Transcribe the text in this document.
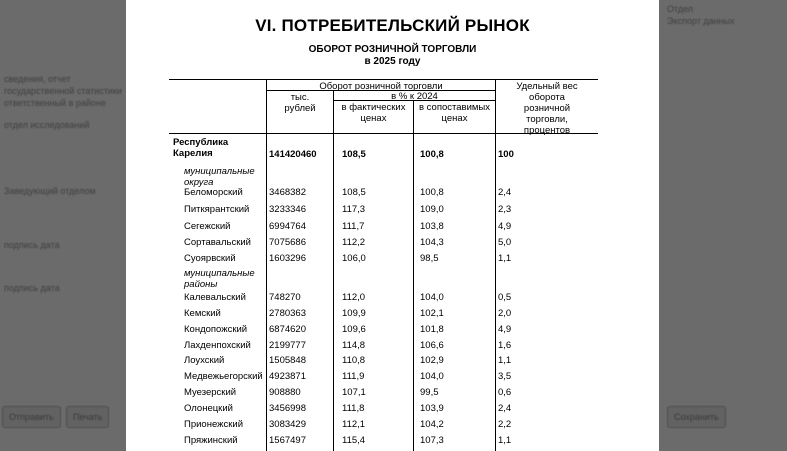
сведения, отчет
государственной статистики
ответственный в районе
отдел исследований
Заведующий отделом
подпись дата
подпись дата
Отправить	Печать
Отдел
Экспорт данных
Сохранить
VI. ПОТРЕБИТЕЛЬСКИЙ РЫНОК
ОБОРОТ РОЗНИЧНОЙ ТОРГОВЛИ
в 2025 году
Оборот розничной торговли
тыс.
рублей
в % к 2024
в фактических
ценах
в сопоставимых
ценах
Удельный вес
оборота
розничной
торговли,
процентов
Республика
Карелия	141420460	108,5	100,8	100
муниципальные
округа
Беломорский	3468382	108,5	100,8	2,4
Питкярантский	3233346	117,3	109,0	2,3
Сегежский	6994764	111,7	103,8	4,9
Сортавальский	7075686	112,2	104,3	5,0
Суоярвский	1603296	106,0	98,5	1,1
муниципальные
районы
Калевальский	748270	112,0	104,0	0,5
Кемский	2780363	109,9	102,1	2,0
Кондопожский	6874620	109,6	101,8	4,9
Лахденпохский	2199777	114,8	106,6	1,6
Лоухский	1505848	110,8	102,9	1,1
Медвежьегорский 4923871	111,9	104,0	3,5
Муезерский	908880	107,1	99,5	0,6
Олонецкий	3456998	111,8	103,9	2,4
Прионежский	3083429	112,1	104,2	2,2
Пряжинский	1567497	115,4	107,3	1,1
